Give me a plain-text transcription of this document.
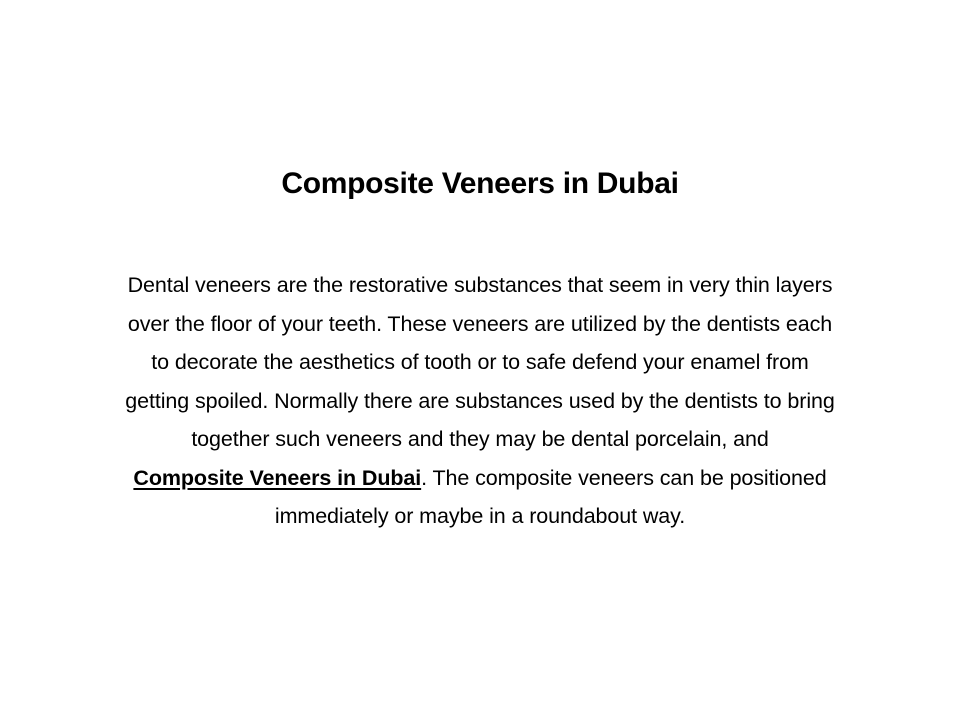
Composite Veneers in Dubai
Dental veneers are the restorative substances that seem in very thin layers
over the floor of your teeth. These veneers are utilized by the dentists each
to decorate the aesthetics of tooth or to safe defend your enamel from
getting spoiled. Normally there are substances used by the dentists to bring
together such veneers and they may be dental porcelain, and
Composite Veneers in Dubai. The composite veneers can be positioned
immediately or maybe in a roundabout way.
